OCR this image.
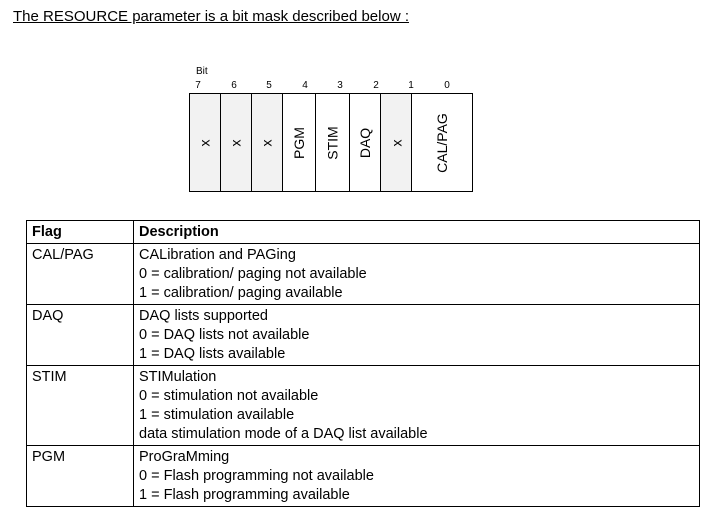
The RESOURCE parameter is a bit mask described below :
Bit
7	6	5	4	3	2	1	0
x x x PGM STIM DAQ x CAL/PAG
Flag	Description
CAL/PAG	CALibration and PAGing
0 = calibration/ paging not available
1 = calibration/ paging available

DAQ	DAQ lists supported
0 = DAQ lists not available
1 = DAQ lists available

STIM	STIMulation
0 = stimulation not available
1 = stimulation available
data stimulation mode of a DAQ list available

PGM	ProGraMming
0 = Flash programming not available
1 = Flash programming available
